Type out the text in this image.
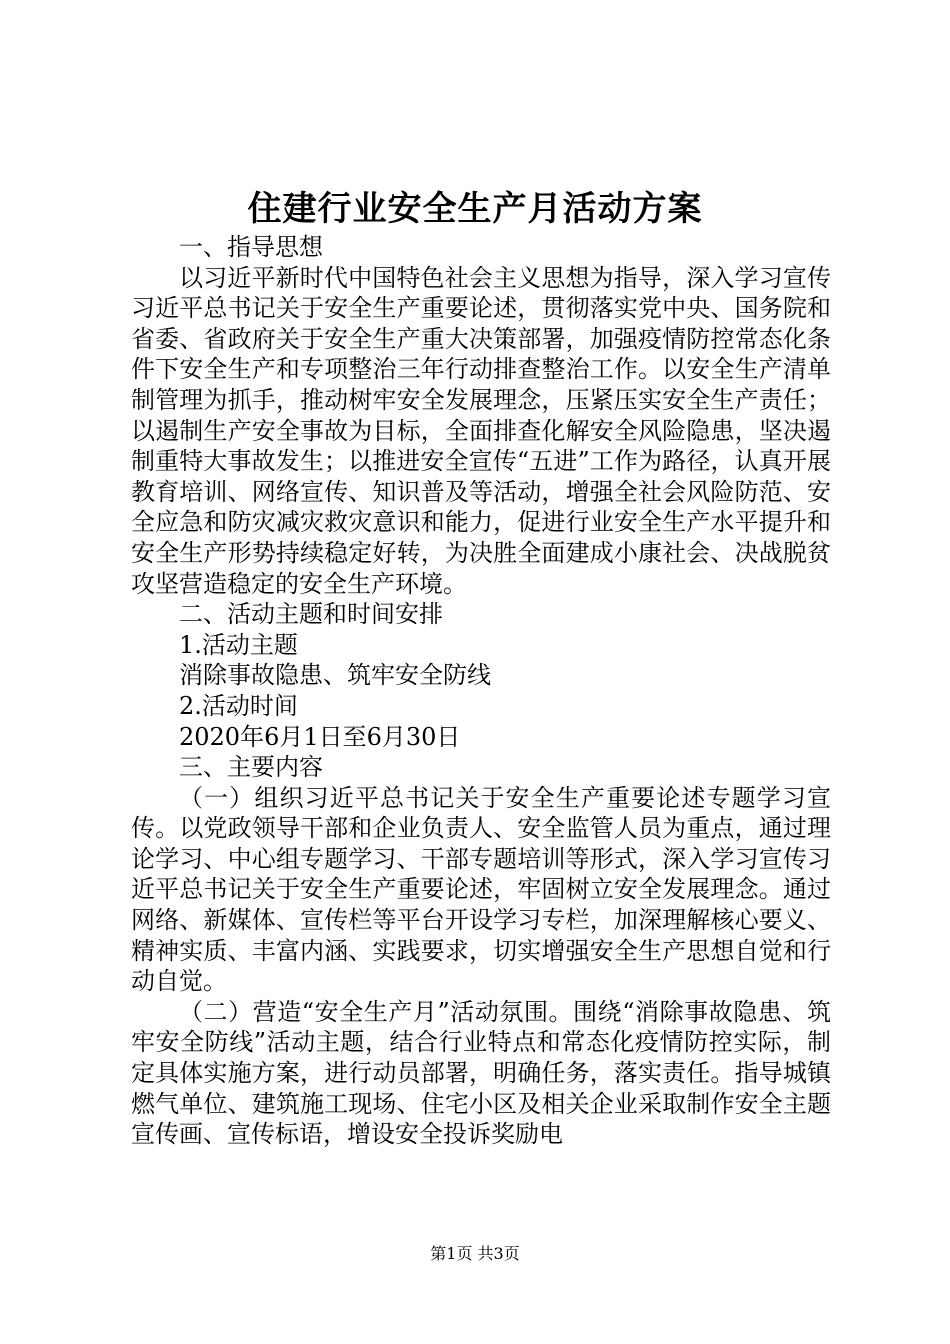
住建行业安全生产月活动方案

一、指导思想

以习近平新时代中国特色社会主义思想为指导，深入学习宣传习近平总书记关于安全生产重要论述，贯彻落实党中央、国务院和省委、省政府关于安全生产重大决策部署，加强疫情防控常态化条件下安全生产和专项整治三年行动排查整治工作。以安全生产清单制管理为抓手，推动树牢安全发展理念，压紧压实安全生产责任；以遏制生产安全事故为目标，全面排查化解安全风险隐患，坚决遏制重特大事故发生；以推进安全宣传“五进”工作为路径，认真开展教育培训、网络宣传、知识普及等活动，增强全社会风险防范、安全应急和防灾减灾救灾意识和能力，促进行业安全生产水平提升和安全生产形势持续稳定好转，为决胜全面建成小康社会、决战脱贫攻坚营造稳定的安全生产环境。

二、活动主题和时间安排

1.活动主题

消除事故隐患、筑牢安全防线

2.活动时间

2020年6月1日至6月30日

三、主要内容

（一）组织习近平总书记关于安全生产重要论述专题学习宣传。以党政领导干部和企业负责人、安全监管人员为重点，通过理论学习、中心组专题学习、干部专题培训等形式，深入学习宣传习近平总书记关于安全生产重要论述，牢固树立安全发展理念。通过网络、新媒体、宣传栏等平台开设学习专栏，加深理解核心要义、精神实质、丰富内涵、实践要求，切实增强安全生产思想自觉和行动自觉。

（二）营造“安全生产月”活动氛围。围绕“消除事故隐患、筑牢安全防线”活动主题，结合行业特点和常态化疫情防控实际，制定具体实施方案，进行动员部署，明确任务，落实责任。指导城镇燃气单位、建筑施工现场、住宅小区及相关企业采取制作安全主题宣传画、宣传标语，增设安全投诉奖励电

第1页 共3页
